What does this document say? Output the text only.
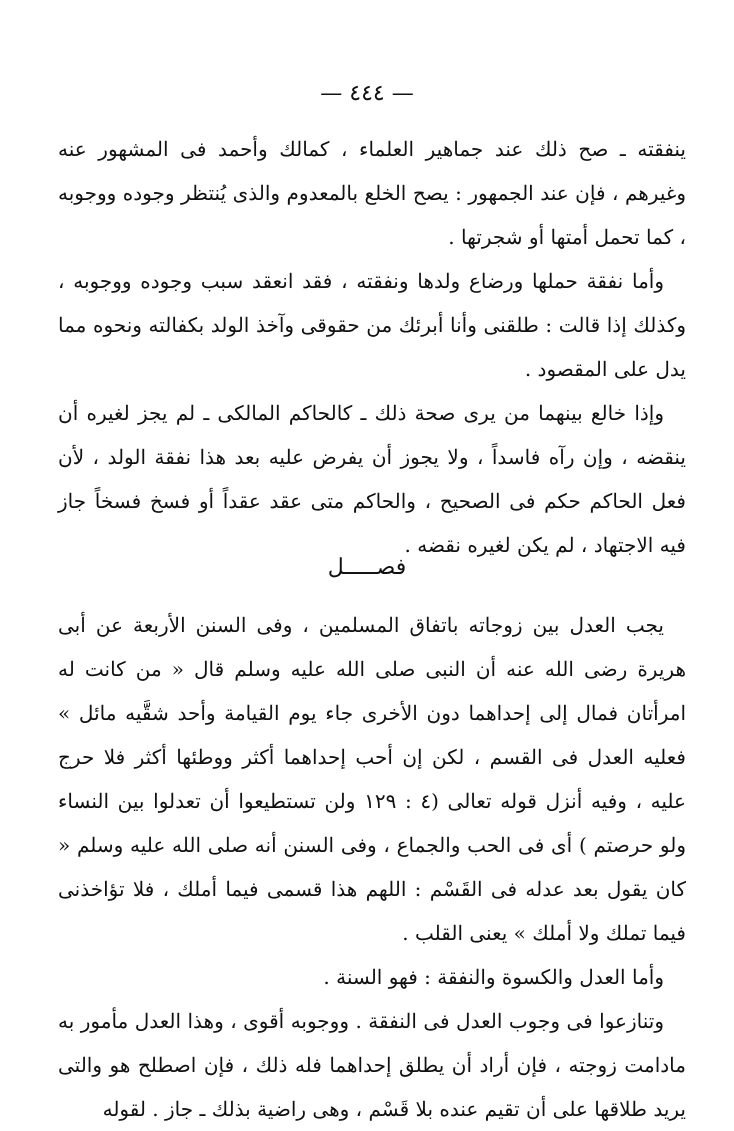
— ٤٤٤ —

ينفقته ـ صح ذلك عند جماهير العلماء ، كمالك وأحمد فى المشهور عنه وغيرهم ، فإن عند الجمهور : يصح الخلع بالمعدوم والذى يُنتظر وجوده ووجوبه ، كما تحمل أمتها أو شجرتها .

وأما نفقة حملها ورضاع ولدها ونفقته ، فقد انعقد سبب وجوده ووجوبه ، وكذلك إذا قالت : طلقنى وأنا أبرئك من حقوقى وآخذ الولد بكفالته ونحوه مما يدل على المقصود .

وإذا خالع بينهما من يرى صحة ذلك ـ كالحاكم المالكى ـ لم يجز لغيره أن ينقضه ، وإن رآه فاسداً ، ولا يجوز أن يفرض عليه بعد هذا نفقة الولد ، لأن فعل الحاكم حكم فى الصحيح ، والحاكم متى عقد عقداً أو فسخ فسخاً جاز فيه الاجتهاد ، لم يكن لغيره نقضه .

فصـــــل

يجب العدل بين زوجاته باتفاق المسلمين ، وفى السنن الأربعة عن أبى هريرة رضى الله عنه أن النبى صلى الله عليه وسلم قال « من كانت له امرأتان فمال إلى إحداهما دون الأخرى جاء يوم القيامة وأحد شقَّيه مائل » فعليه العدل فى القسم ، لكن إن أحب إحداهما أكثر ووطئها أكثر فلا حرج عليه ، وفيه أنزل قوله تعالى (٤ : ١٢٩ ولن تستطيعوا أن تعدلوا بين النساء ولو حرصتم ) أى فى الحب والجماع ، وفى السنن أنه صلى الله عليه وسلم « كان يقول بعد عدله فى القَسْم : اللهم هذا قسمى فيما أملك ، فلا تؤاخذنى فيما تملك ولا أملك » يعنى القلب .

وأما العدل والكسوة والنفقة : فهو السنة .

وتنازعوا فى وجوب العدل فى النفقة . ووجوبه أقوى ، وهذا العدل مأمور به مادامت زوجته ، فإن أراد أن يطلق إحداهما فله ذلك ، فإن اصطلح هو والتى يريد طلاقها على أن تقيم عنده بلا قَسْم ، وهى راضية بذلك ـ جاز . لقوله
